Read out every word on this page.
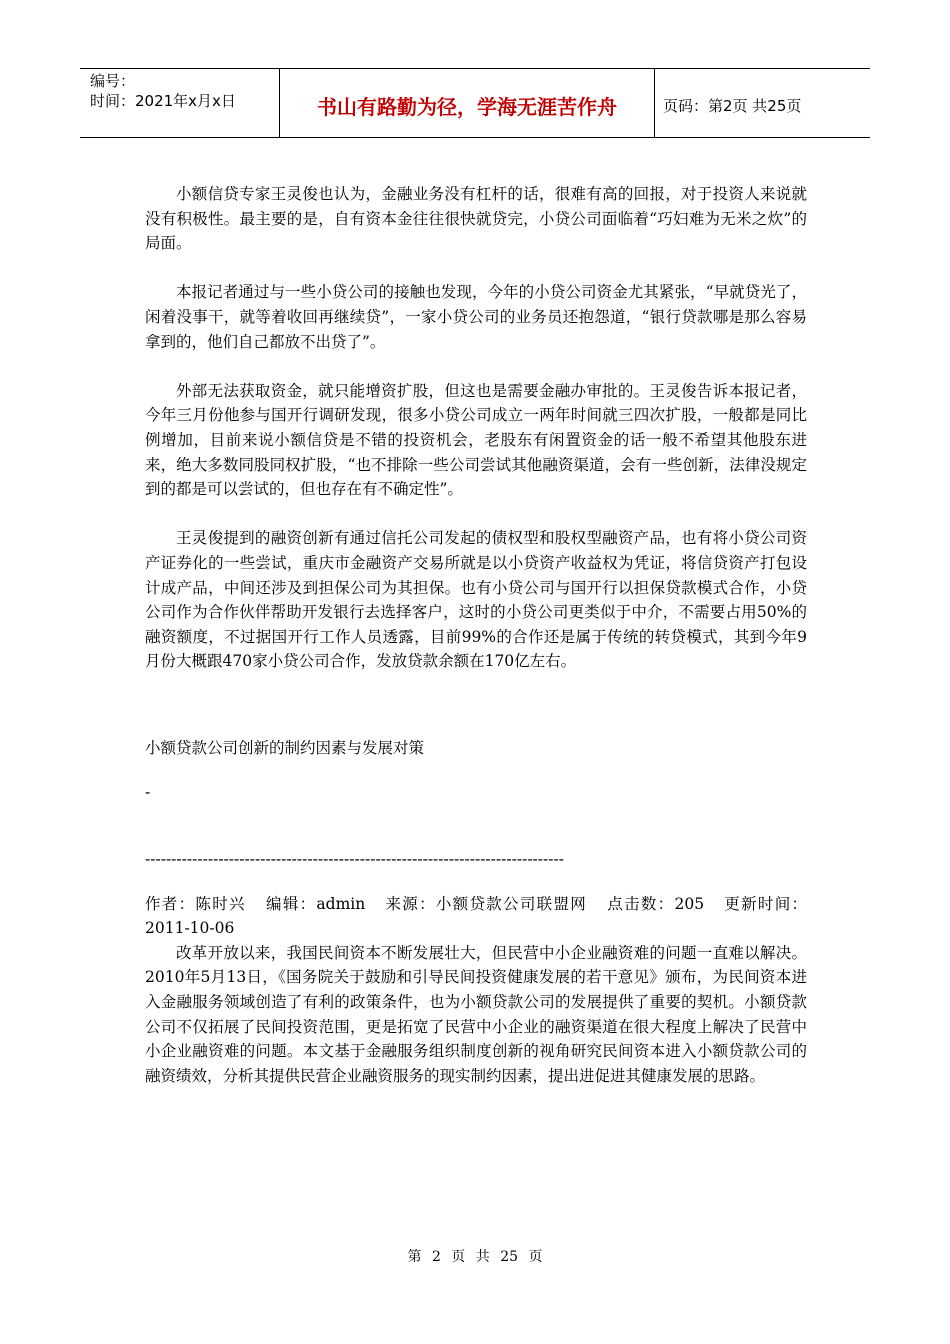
编号：
时间：2021年x月x日	书山有路勤为径，学海无涯苦作舟	页码：第2页 共25页

小额信贷专家王灵俊也认为，金融业务没有杠杆的话，很难有高的回报，对于投资人来说就没有积极性。最主要的是，自有资本金往往很快就贷完，小贷公司面临着“巧妇难为无米之炊”的局面。

本报记者通过与一些小贷公司的接触也发现，今年的小贷公司资金尤其紧张，“早就贷光了，闲着没事干，就等着收回再继续贷”，一家小贷公司的业务员还抱怨道，“银行贷款哪是那么容易拿到的，他们自己都放不出贷了”。

外部无法获取资金，就只能增资扩股，但这也是需要金融办审批的。王灵俊告诉本报记者，今年三月份他参与国开行调研发现，很多小贷公司成立一两年时间就三四次扩股，一般都是同比例增加，目前来说小额信贷是不错的投资机会，老股东有闲置资金的话一般不希望其他股东进来，绝大多数同股同权扩股，“也不排除一些公司尝试其他融资渠道，会有一些创新，法律没规定到的都是可以尝试的，但也存在有不确定性”。

王灵俊提到的融资创新有通过信托公司发起的债权型和股权型融资产品，也有将小贷公司资产证券化的一些尝试，重庆市金融资产交易所就是以小贷资产收益权为凭证，将信贷资产打包设计成产品，中间还涉及到担保公司为其担保。也有小贷公司与国开行以担保贷款模式合作，小贷公司作为合作伙伴帮助开发银行去选择客户，这时的小贷公司更类似于中介，不需要占用50%的融资额度，不过据国开行工作人员透露，目前99%的合作还是属于传统的转贷模式，其到今年9月份大概跟470家小贷公司合作，发放贷款余额在170亿左右。

小额贷款公司创新的制约因素与发展对策
-
--------------------------------------------------------------------------------
作者：陈时兴 编辑：admin 来源：小额贷款公司联盟网 点击数：205 更新时间：2011-10-06

改革开放以来，我国民间资本不断发展壮大，但民营中小企业融资难的问题一直难以解决。2010年5月13日，《国务院关于鼓励和引导民间投资健康发展的若干意见》颁布，为民间资本进入金融服务领域创造了有利的政策条件，也为小额贷款公司的发展提供了重要的契机。小额贷款公司不仅拓展了民间投资范围，更是拓宽了民营中小企业的融资渠道在很大程度上解决了民营中小企业融资难的问题。本文基于金融服务组织制度创新的视角研究民间资本进入小额贷款公司的融资绩效，分析其提供民营企业融资服务的现实制约因素，提出进促进其健康发展的思路。

第 2 页 共 25 页
